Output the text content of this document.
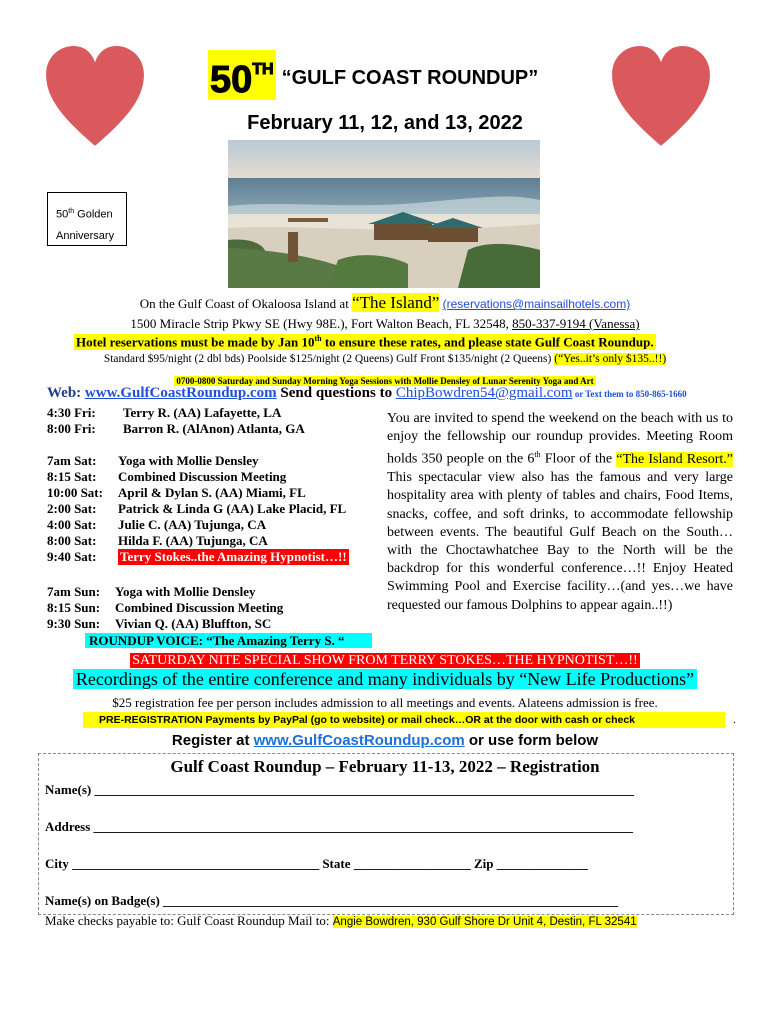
50TH “GULF COAST ROUNDUP”
February 11, 12, and 13, 2022
50th Golden
Anniversary
On the Gulf Coast of Okaloosa Island at “The Island” (reservations@mainsailhotels.com)
1500 Miracle Strip Pkwy SE (Hwy 98E.), Fort Walton Beach, FL 32548, 850-337-9194 (Vanessa)
Hotel reservations must be made by Jan 10th to ensure these rates, and please state Gulf Coast Roundup.
Standard $95/night (2 dbl bds) Poolside $125/night (2 Queens) Gulf Front $135/night (2 Queens) (“Yes..it’s only $135..!!)
0700-0800 Saturday and Sunday Morning Yoga Sessions with Mollie Densley of Lunar Serenity Yoga and Art
Web: www.GulfCoastRoundup.com Send questions to ChipBowdren54@gmail.com or Text them to 850-865-1660
4:30 Fri:	Terry R. (AA) Lafayette, LA
8:00 Fri:	Barron R. (AlAnon) Atlanta, GA
7am Sat:	Yoga with Mollie Densley
8:15 Sat:	Combined Discussion Meeting
10:00 Sat:	April & Dylan S. (AA) Miami, FL
2:00 Sat:	Patrick & Linda G (AA) Lake Placid, FL
4:00 Sat:	Julie C. (AA) Tujunga, CA
8:00 Sat:	Hilda F. (AA) Tujunga, CA
9:40 Sat:	Terry Stokes..the Amazing Hypnotist…!!
7am Sun:	Yoga with Mollie Densley
8:15 Sun:	Combined Discussion Meeting
9:30 Sun:	Vivian Q. (AA) Bluffton, SC
ROUNDUP VOICE: “The Amazing Terry S. “
You are invited to spend the weekend on the beach with us to enjoy the fellowship our roundup provides. Meeting Room holds 350 people on the 6th Floor of the “The Island Resort.” This spectacular view also has the famous and very large hospitality area with plenty of tables and chairs, Food Items, snacks, coffee, and soft drinks, to accommodate fellowship between events. The beautiful Gulf Beach on the South…with the Choctawhatchee Bay to the North will be the backdrop for this wonderful conference…!! Enjoy Heated Swimming Pool and Exercise facility…(and yes…we have requested our famous Dolphins to appear again..!!)
SATURDAY NITE SPECIAL SHOW FROM TERRY STOKES…THE HYPNOTIST…!!
Recordings of the entire conference and many individuals by “New Life Productions”
$25 registration fee per person includes admission to all meetings and events. Alateens admission is free.
PRE-REGISTRATION Payments by PayPal (go to website) or mail check…OR at the door with cash or check	.
Register at www.GulfCoastRoundup.com or use form below
Gulf Coast Roundup – February 11-13, 2022 – Registration
Name(s) ___________________________________________________________________________________
Address ___________________________________________________________________________________
City ______________________________________ State __________________ Zip ______________
Name(s) on Badge(s) ______________________________________________________________________
Make checks payable to: Gulf Coast Roundup Mail to: Angie Bowdren, 930 Gulf Shore Dr Unit 4, Destin, FL 32541
